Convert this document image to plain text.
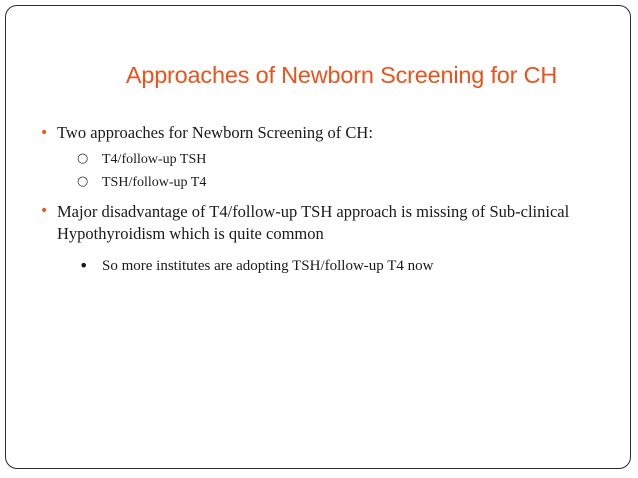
Approaches of Newborn Screening for CH
• Two approaches for Newborn Screening of CH:
○ T4/follow-up TSH
○ TSH/follow-up T4
• Major disadvantage of T4/follow-up TSH approach is missing of Sub-clinical Hypothyroidism which is quite common
• So more institutes are adopting TSH/follow-up T4 now
